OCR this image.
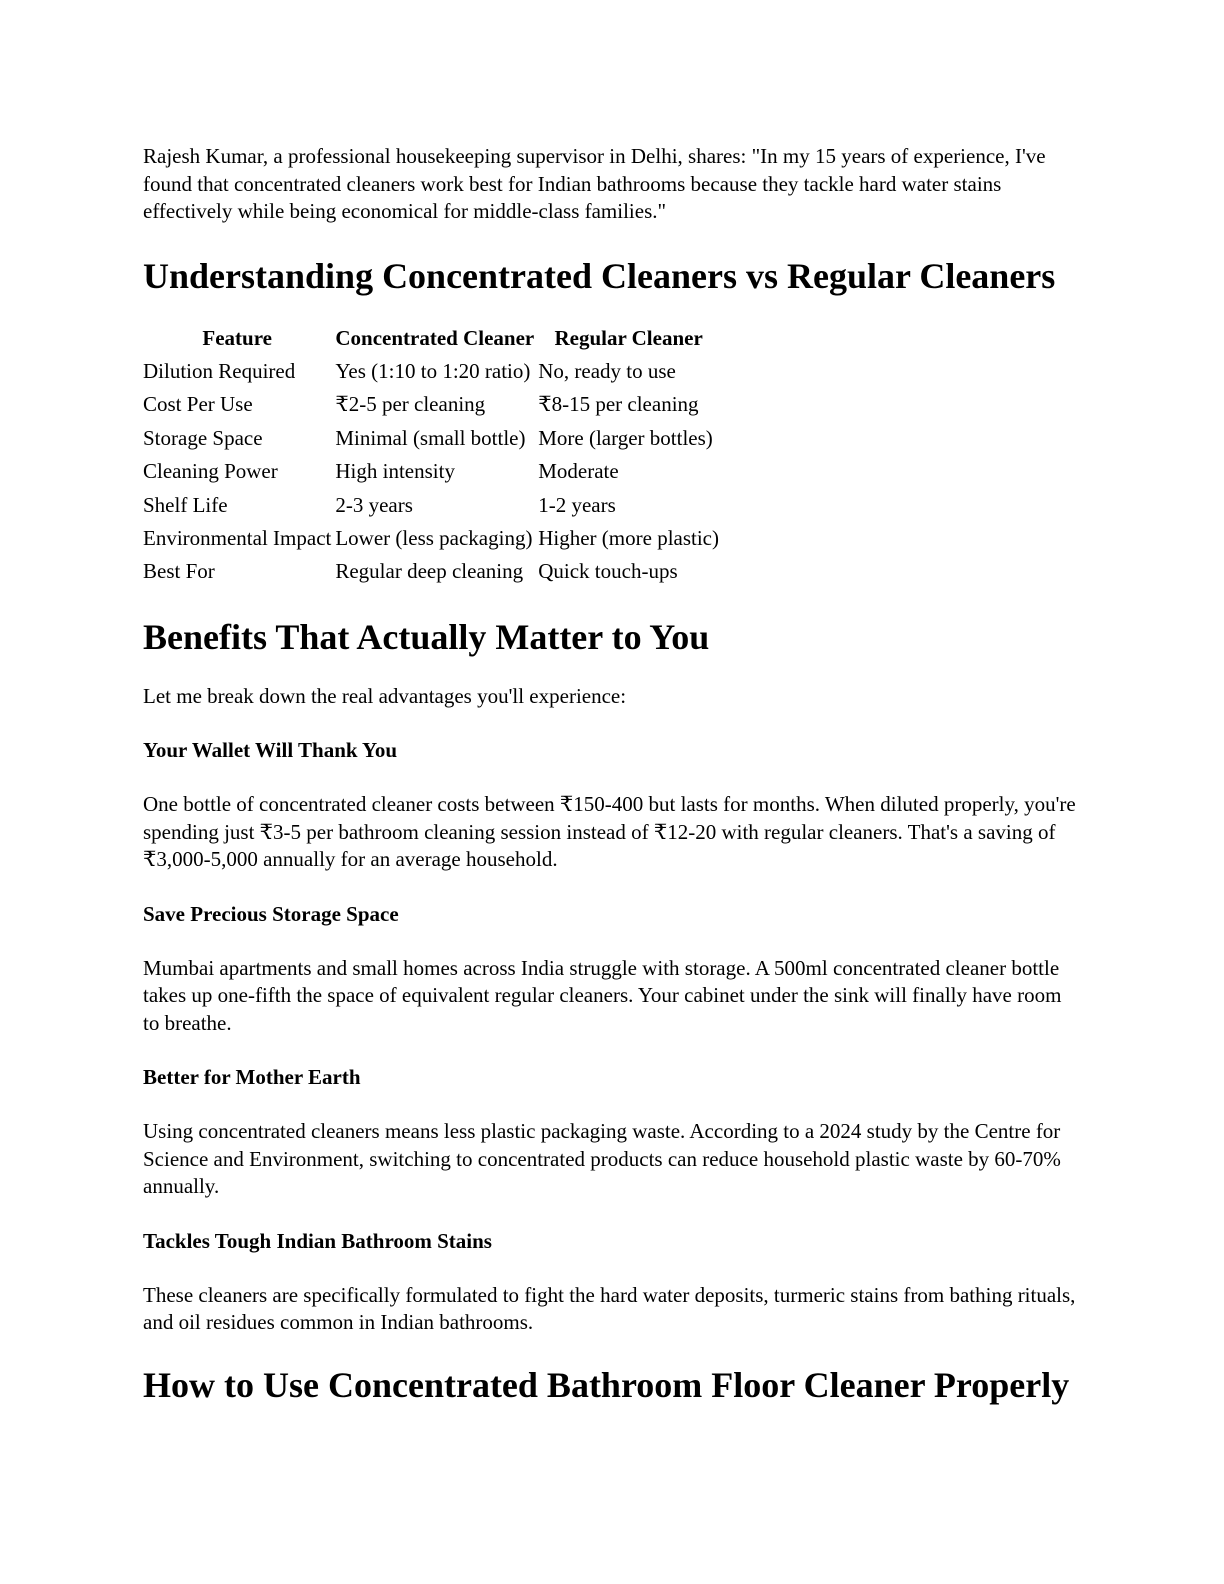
Rajesh Kumar, a professional housekeeping supervisor in Delhi, shares: "In my 15 years of experience, I've found that concentrated cleaners work best for Indian bathrooms because they tackle hard water stains effectively while being economical for middle-class families."

Understanding Concentrated Cleaners vs Regular Cleaners
Feature	Concentrated Cleaner	Regular Cleaner
Dilution Required	Yes (1:10 to 1:20 ratio)	No, ready to use
Cost Per Use	₹2-5 per cleaning	₹8-15 per cleaning
Storage Space	Minimal (small bottle)	More (larger bottles)
Cleaning Power	High intensity	Moderate
Shelf Life	2-3 years	1-2 years
Environmental Impact	Lower (less packaging)	Higher (more plastic)
Best For	Regular deep cleaning	Quick touch-ups
Benefits That Actually Matter to You

Let me break down the real advantages you'll experience:

Your Wallet Will Thank You

One bottle of concentrated cleaner costs between ₹150-400 but lasts for months. When diluted properly, you're spending just ₹3-5 per bathroom cleaning session instead of ₹12-20 with regular cleaners. That's a saving of ₹3,000-5,000 annually for an average household.

Save Precious Storage Space

Mumbai apartments and small homes across India struggle with storage. A 500ml concentrated cleaner bottle takes up one-fifth the space of equivalent regular cleaners. Your cabinet under the sink will finally have room to breathe.

Better for Mother Earth

Using concentrated cleaners means less plastic packaging waste. According to a 2024 study by the Centre for Science and Environment, switching to concentrated products can reduce household plastic waste by 60-70% annually.

Tackles Tough Indian Bathroom Stains

These cleaners are specifically formulated to fight the hard water deposits, turmeric stains from bathing rituals, and oil residues common in Indian bathrooms.

How to Use Concentrated Bathroom Floor Cleaner Properly
